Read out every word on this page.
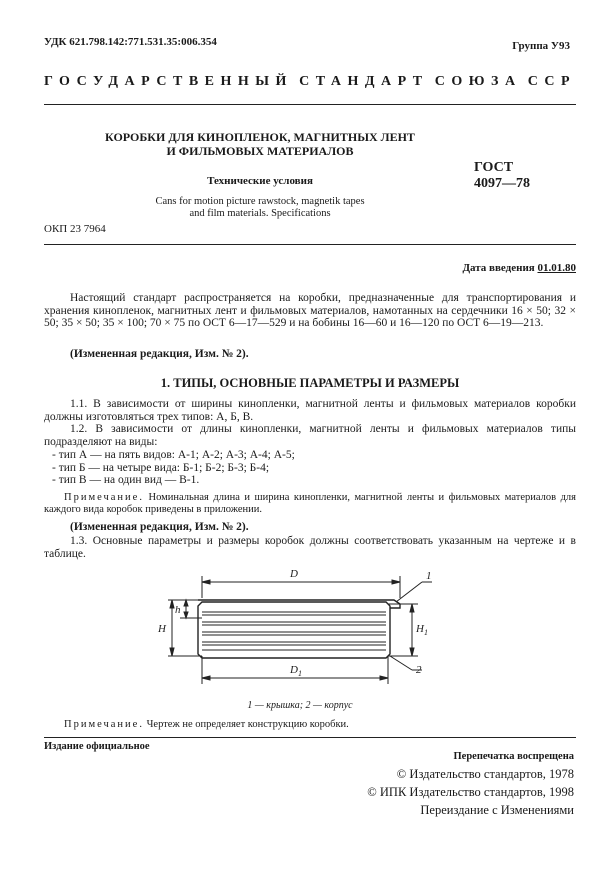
УДК 621.798.142:771.531.35:006.354	Группа У93
ГОСУДАРСТВЕННЫЙ СТАНДАРТ СОЮЗА ССР
КОРОБКИ ДЛЯ КИНОПЛЕНОК, МАГНИТНЫХ ЛЕНТ
И ФИЛЬМОВЫХ МАТЕРИАЛОВ
Технические условия
Cans for motion picture rawstock, magnetik tapes
and film materials. Specifications
ОКП 23 7964
ГОСТ
4097—78
Дата введения 01.01.80
Настоящий стандарт распространяется на коробки, предназначенные для транспортирования и хранения кинопленок, магнитных лент и фильмовых материалов, намотанных на сердечники 16 × 50; 32 × 50; 35 × 50; 35 × 100; 70 × 75 по ОСТ 6—17—529 и на бобины 16—60 и 16—120 по ОСТ 6—19—213.
(Измененная редакция, Изм. № 2).
1. ТИПЫ, ОСНОВНЫЕ ПАРАМЕТРЫ И РАЗМЕРЫ
1.1. В зависимости от ширины кинопленки, магнитной ленты и фильмовых материалов коробки должны изготовляться трех типов: А, Б, В.
1.2. В зависимости от длины кинопленки, магнитной ленты и фильмовых материалов типы подразделяют на виды:
- тип А — на пять видов: А-1; А-2; А-3; А-4; А-5;
- тип Б — на четыре вида: Б-1; Б-2; Б-3; Б-4;
- тип В — на один вид — В-1.
Примечание. Номинальная длина и ширина кинопленки, магнитной ленты и фильмовых материалов для каждого вида коробок приведены в приложении.
(Измененная редакция, Изм. № 2).
1.3. Основные параметры и размеры коробок должны соответствовать указанным на чертеже и в таблице.
D
$D_1$
H
h
$H_1$
1
2
1 — крышка; 2 — корпус
Примечание. Чертеж не определяет конструкцию коробки.
Издание официальное
Перепечатка воспрещена
© Издательство стандартов, 1978
© ИПК Издательство стандартов, 1998
Переиздание с Изменениями
